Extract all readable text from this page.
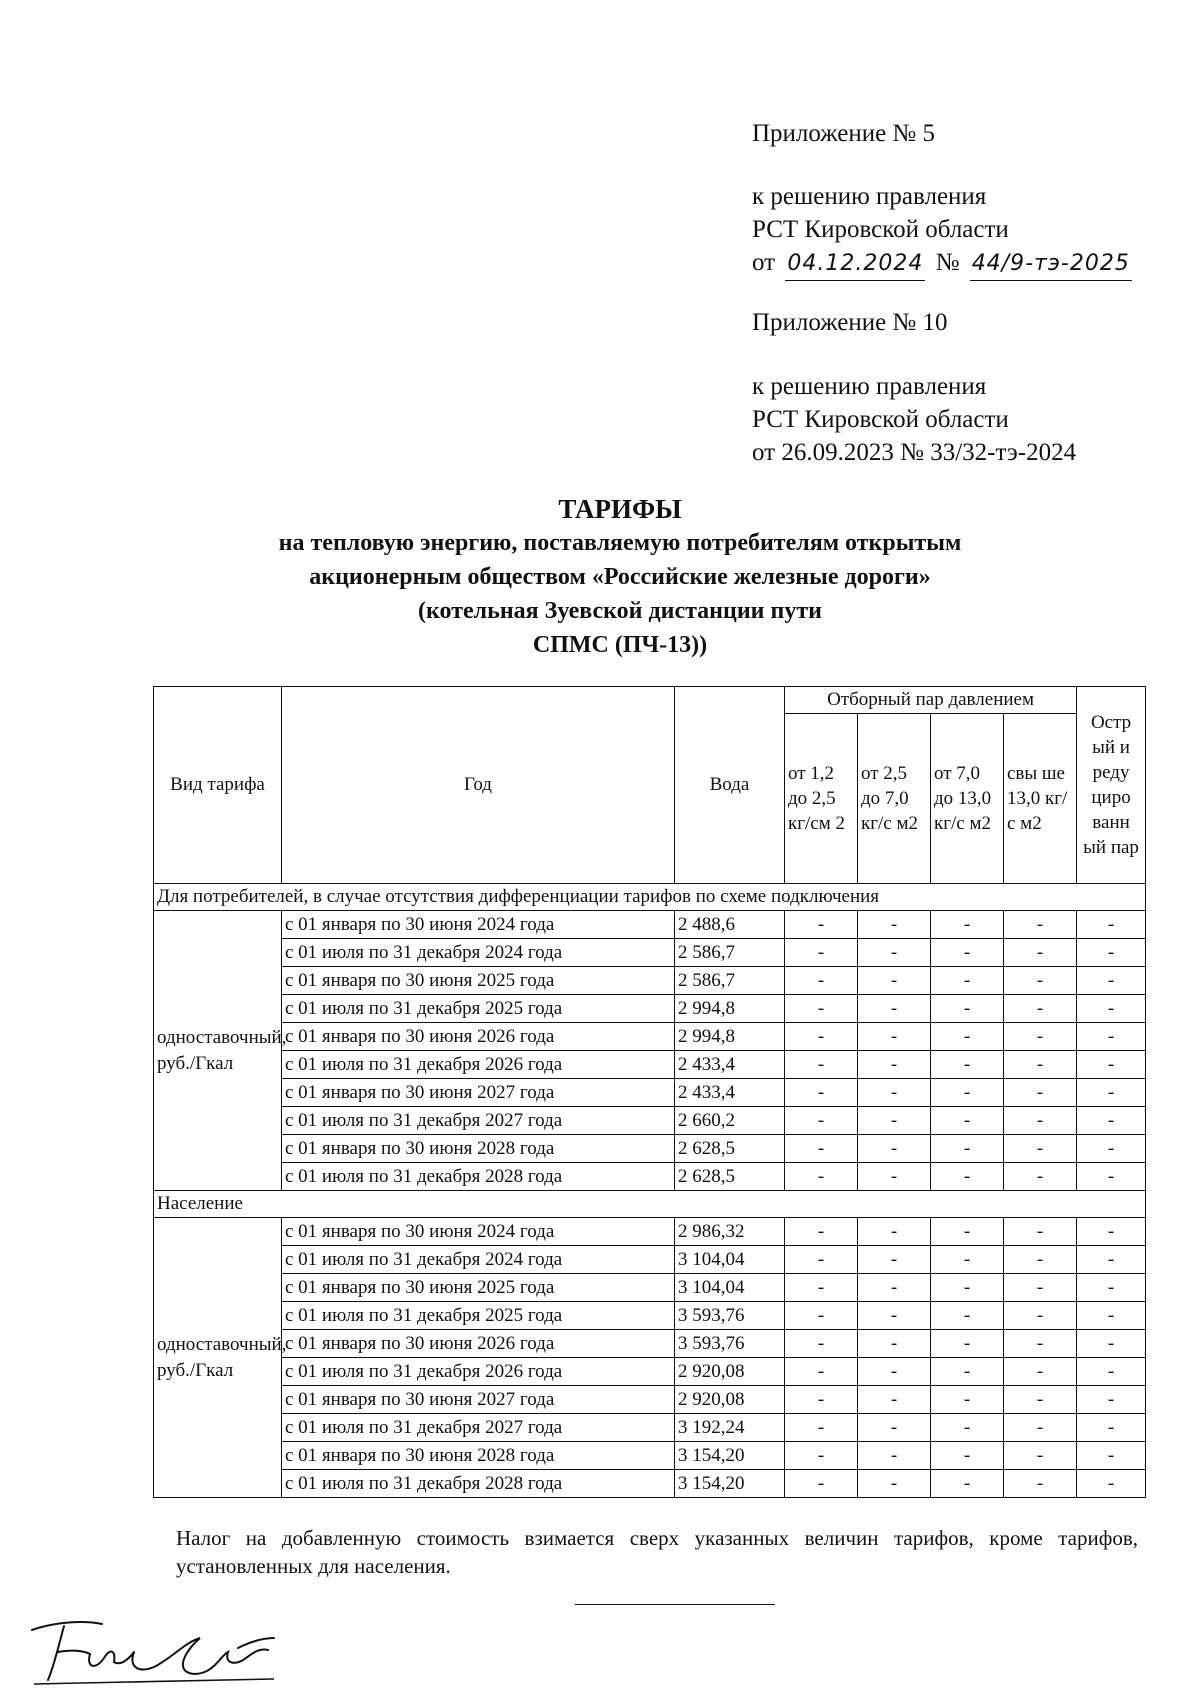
Приложение № 5
к решению правления
РСТ Кировской области
от 04.12.2024 № 44/9-тэ-2025
Приложение № 10
к решению правления
РСТ Кировской области
от 26.09.2023 № 33/32-тэ-2024
ТАРИФЫ
на тепловую энергию, поставляемую потребителям открытым
акционерным обществом «Российские железные дороги»
(котельная Зуевской дистанции пути
СПМС (ПЧ-13))
Вид тарифа	Год	Вода	Отборный пар давлением				Остр ый и реду циро ванн ый пар
			от 1,2 до 2,5 кг/см 2	от 2,5 до 7,0 кг/с м2	от 7,0 до 13,0 кг/с м2	свы ше 13,0 кг/с м2	
Для потребителей, в случае отсутствия дифференциации тарифов по схеме подключения							
одноставочный, руб./Гкал	с 01 января по 30 июня 2024 года	2 488,6	-	-	-	-	-
	с 01 июля по 31 декабря 2024 года	2 586,7	-	-	-	-	-
	с 01 января по 30 июня 2025 года	2 586,7	-	-	-	-	-
	с 01 июля по 31 декабря 2025 года	2 994,8	-	-	-	-	-
	с 01 января по 30 июня 2026 года	2 994,8	-	-	-	-	-
	с 01 июля по 31 декабря 2026 года	2 433,4	-	-	-	-	-
	с 01 января по 30 июня 2027 года	2 433,4	-	-	-	-	-
	с 01 июля по 31 декабря 2027 года	2 660,2	-	-	-	-	-
	с 01 января по 30 июня 2028 года	2 628,5	-	-	-	-	-
	с 01 июля по 31 декабря 2028 года	2 628,5	-	-	-	-	-
Население							
одноставочный, руб./Гкал	с 01 января по 30 июня 2024 года	2 986,32	-	-	-	-	-
	с 01 июля по 31 декабря 2024 года	3 104,04	-	-	-	-	-
	с 01 января по 30 июня 2025 года	3 104,04	-	-	-	-	-
	с 01 июля по 31 декабря 2025 года	3 593,76	-	-	-	-	-
	с 01 января по 30 июня 2026 года	3 593,76	-	-	-	-	-
	с 01 июля по 31 декабря 2026 года	2 920,08	-	-	-	-	-
	с 01 января по 30 июня 2027 года	2 920,08	-	-	-	-	-
	с 01 июля по 31 декабря 2027 года	3 192,24	-	-	-	-	-
	с 01 января по 30 июня 2028 года	3 154,20	-	-	-	-	-
	с 01 июля по 31 декабря 2028 года	3 154,20	-	-	-	-	-
Налог на добавленную стоимость взимается сверх указанных величин тарифов, кроме тарифов, установленных для населения.
